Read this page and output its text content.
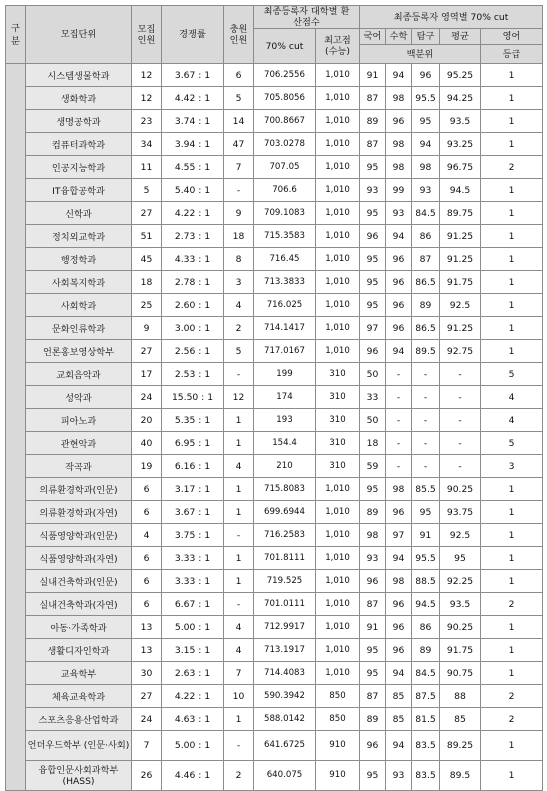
구분	모집단위	모집 인원	경쟁률	충원 인원	최종등록자 대학별 환산점수		최종등록자 영역별 70% cut				
					70% cut	최고점 (수능)	국어	수학	탐구	평균	영어
							백분위				등급
	시스템생물학과	12	3.67 : 1	6	706.2556	1,010	91	94	96	95.25	1
	생화학과	12	4.42 : 1	5	705.8056	1,010	87	98	95.5	94.25	1
	생명공학과	23	3.74 : 1	14	700.8667	1,010	89	96	95	93.5	1
	컴퓨터과학과	34	3.94 : 1	47	703.0278	1,010	87	98	94	93.25	1
	인공지능학과	11	4.55 : 1	7	707.05	1,010	95	98	98	96.75	2
	IT융합공학과	5	5.40 : 1	-	706.6	1,010	93	99	93	94.5	1
	신학과	27	4.22 : 1	9	709.1083	1,010	95	93	84.5	89.75	1
	정치외교학과	51	2.73 : 1	18	715.3583	1,010	96	94	86	91.25	1
	행정학과	45	4.33 : 1	8	716.45	1,010	95	96	87	91.25	1
	사회복지학과	18	2.78 : 1	3	713.3833	1,010	95	96	86.5	91.75	1
	사회학과	25	2.60 : 1	4	716.025	1,010	95	96	89	92.5	1
	문화인류학과	9	3.00 : 1	2	714.1417	1,010	97	96	86.5	91.25	1
	언론홍보영상학부	27	2.56 : 1	5	717.0167	1,010	96	94	89.5	92.75	1
	교회음악과	17	2.53 : 1	-	199	310	50	-	-	-	5
	성악과	24	15.50 : 1	12	174	310	33	-	-	-	4
	피아노과	20	5.35 : 1	1	193	310	50	-	-	-	4
	관현악과	40	6.95 : 1	1	154.4	310	18	-	-	-	5
	작곡과	19	6.16 : 1	4	210	310	59	-	-	-	3
	의류환경학과(인문)	6	3.17 : 1	1	715.8083	1,010	95	98	85.5	90.25	1
	의류환경학과(자연)	6	3.67 : 1	1	699.6944	1,010	89	96	95	93.75	1
	식품영양학과(인문)	4	3.75 : 1	-	716.2583	1,010	98	97	91	92.5	1
	식품영양학과(자연)	6	3.33 : 1	1	701.8111	1,010	93	94	95.5	95	1
	실내건축학과(인문)	6	3.33 : 1	1	719.525	1,010	96	98	88.5	92.25	1
	실내건축학과(자연)	6	6.67 : 1	-	701.0111	1,010	87	96	94.5	93.5	2
	아동·가족학과	13	5.00 : 1	4	712.9917	1,010	91	96	86	90.25	1
	생활디자인학과	13	3.15 : 1	4	713.1917	1,010	95	96	89	91.75	1
	교육학부	30	2.63 : 1	7	714.4083	1,010	95	94	84.5	90.75	1
	체육교육학과	27	4.22 : 1	10	590.3942	850	87	85	87.5	88	2
	스포츠응용산업학과	24	4.63 : 1	1	588.0142	850	89	85	81.5	85	2
	언더우드학부 (인문·사회)	7	5.00 : 1	-	641.6725	910	96	94	83.5	89.25	1
	융합인문사회과학부 (HASS)	26	4.46 : 1	2	640.075	910	95	93	83.5	89.5	1
